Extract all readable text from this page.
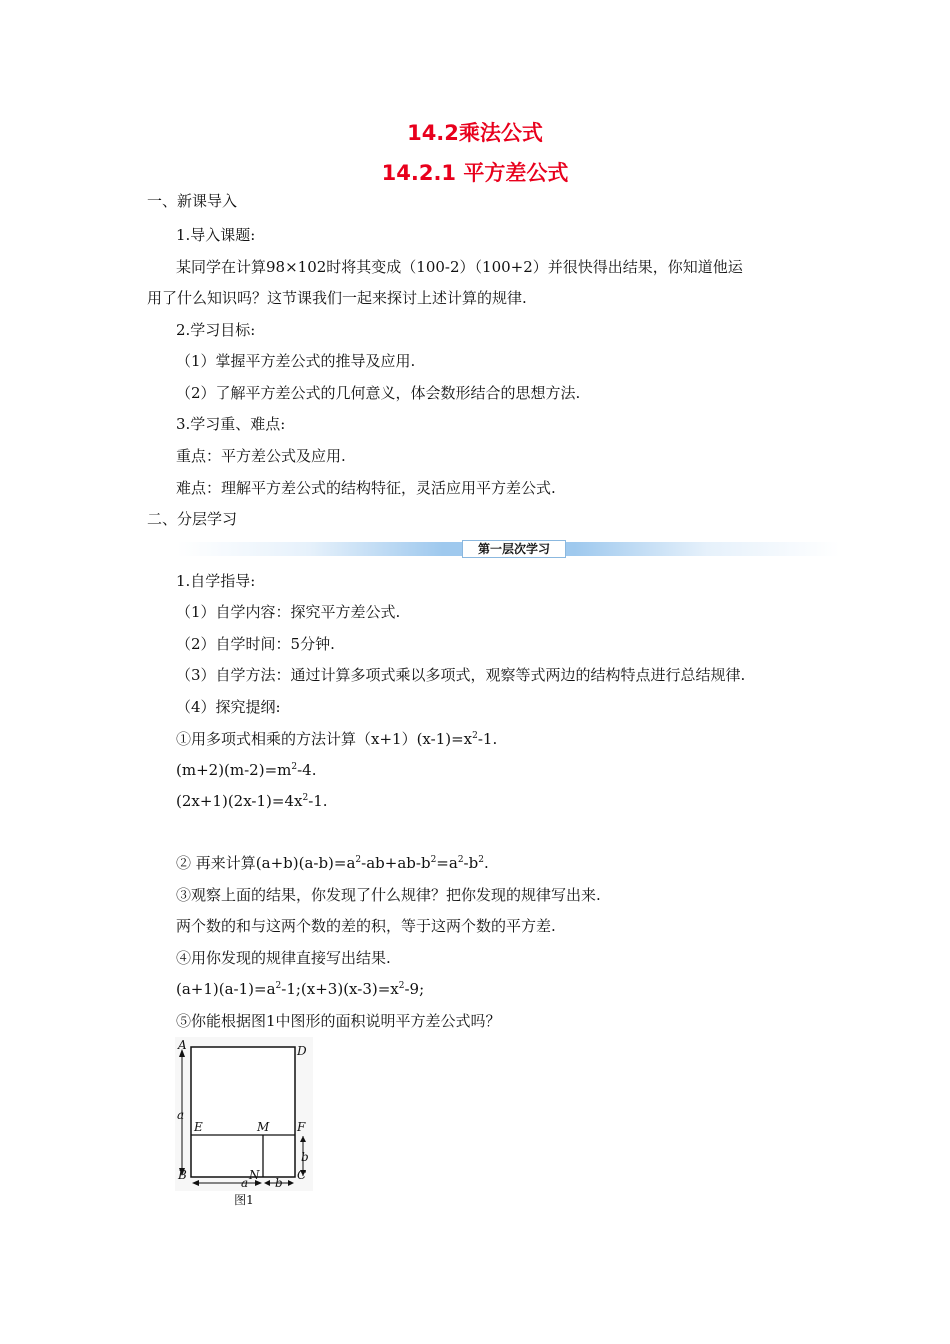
14.2乘法公式
14.2.1 平方差公式
一、新课导入
1.导入课题:
某同学在计算98×102时将其变成（100-2）（100+2）并很快得出结果，你知道他运
用了什么知识吗？这节课我们一起来探讨上述计算的规律.
2.学习目标:
（1）掌握平方差公式的推导及应用.
（2）了解平方差公式的几何意义，体会数形结合的思想方法.
3.学习重、难点:
重点：平方差公式及应用.
难点：理解平方差公式的结构特征，灵活应用平方差公式.
二、分层学习
第一层次学习
1.自学指导:
（1）自学内容：探究平方差公式.
（2）自学时间：5分钟.
（3）自学方法：通过计算多项式乘以多项式，观察等式两边的结构特点进行总结规律.
（4）探究提纲:
①用多项式相乘的方法计算$(x+1)(x-1)=x^2-1$.
$(m+2)(m-2)=m^2-4$.
$(2x+1)(2x-1)=4x^2-1$.
② 再来计算$(a+b)(a-b)=a^2-ab+ab-b^2=a^2-b^2$.
③观察上面的结果，你发现了什么规律？把你发现的规律写出来.
两个数的和与这两个数的差的积，等于这两个数的平方差.
④用你发现的规律直接写出结果.
$(a+1)(a-1)=a^2-1;(x+3)(x-3)=x^2-9$;
⑤你能根据图1中图形的面积说明平方差公式吗？
A	D
a
E	M F
b
B	N	C
a b
图1
